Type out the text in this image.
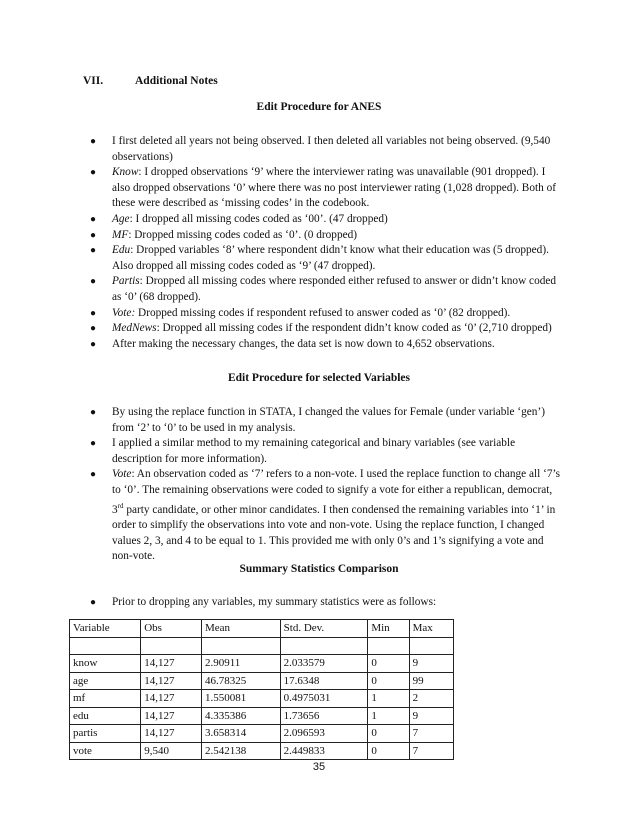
VII.	Additional Notes
Edit Procedure for ANES
● I first deleted all years not being observed. I then deleted all variables not being observed. (9,540 observations)
● Know: I dropped observations ‘9’ where the interviewer rating was unavailable (901 dropped). I also dropped observations ‘0’ where there was no post interviewer rating (1,028 dropped). Both of these were described as ‘missing codes’ in the codebook.
● Age: I dropped all missing codes coded as ‘00’. (47 dropped)
● MF: Dropped missing codes coded as ‘0’. (0 dropped)
● Edu: Dropped variables ‘8’ where respondent didn’t know what their education was (5 dropped). Also dropped all missing codes coded as ‘9’ (47 dropped).
● Partis: Dropped all missing codes where responded either refused to answer or didn’t know coded as ‘0’ (68 dropped).
● Vote: Dropped missing codes if respondent refused to answer coded as ‘0’ (82 dropped).
● MedNews: Dropped all missing codes if the respondent didn’t know coded as ‘0’ (2,710 dropped)
● After making the necessary changes, the data set is now down to 4,652 observations.
Edit Procedure for selected Variables
● By using the replace function in STATA, I changed the values for Female (under variable ‘gen’) from ‘2’ to ‘0’ to be used in my analysis.
● I applied a similar method to my remaining categorical and binary variables (see variable description for more information).
● Vote: An observation coded as ‘7’ refers to a non-vote. I used the replace function to change all ‘7’s to ‘0’. The remaining observations were coded to signify a vote for either a republican, democrat, 3rd party candidate, or other minor candidates. I then condensed the remaining variables into ‘1’ in order to simplify the observations into vote and non-vote. Using the replace function, I changed values 2, 3, and 4 to be equal to 1. This provided me with only 0’s and 1’s signifying a vote and non-vote.
Summary Statistics Comparison
● Prior to dropping any variables, my summary statistics were as follows:
Variable	Obs	Mean	Std. Dev.	Min	Max

know	14,127	2.90911	2.033579	0	9
age	14,127	46.78325	17.6348	0	99
mf	14,127	1.550081	0.4975031	1	2
edu	14,127	4.335386	1.73656	1	9
partis	14,127	3.658314	2.096593	0	7
vote	9,540	2.542138	2.449833	0	7
35
